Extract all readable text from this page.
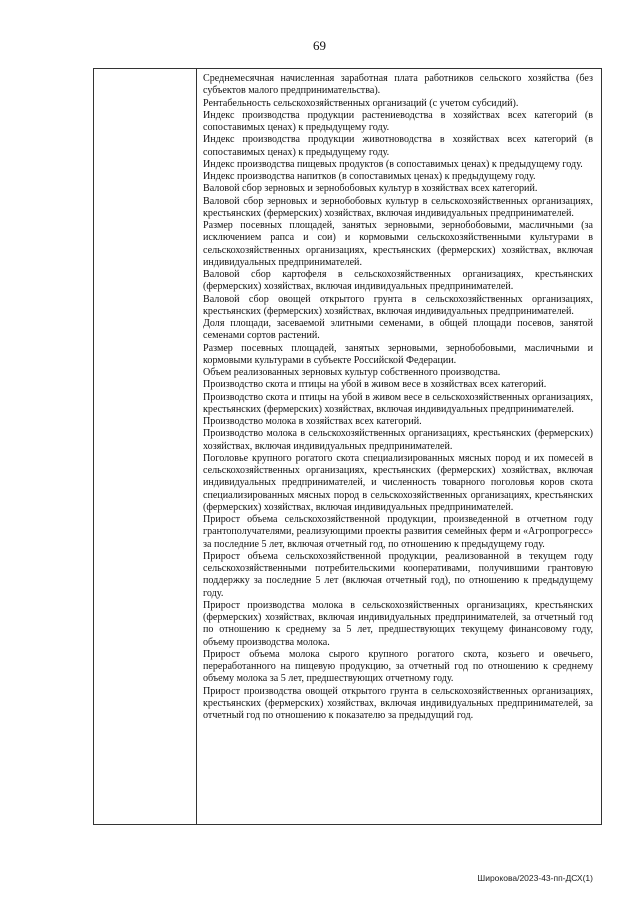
69
Среднемесячная начисленная заработная плата работников сельского хозяйства (без субъектов малого предпринимательства).
Рентабельность сельскохозяйственных организаций (с учетом субсидий).
Индекс производства продукции растениеводства в хозяйствах всех категорий (в сопоставимых ценах) к предыдущему году.
Индекс производства продукции животноводства в хозяйствах всех категорий (в сопоставимых ценах) к предыдущему году.
Индекс производства пищевых продуктов (в сопоставимых ценах) к предыдущему году.
Индекс производства напитков (в сопоставимых ценах) к предыдущему году.
Валовой сбор зерновых и зернобобовых культур в хозяйствах всех категорий.
Валовой сбор зерновых и зернобобовых культур в сельскохозяйственных организациях, крестьянских (фермерских) хозяйствах, включая индивидуальных предпринимателей.
Размер посевных площадей, занятых зерновыми, зернобобовыми, масличными (за исключением рапса и сои) и кормовыми сельскохозяйственными культурами в сельскохозяйственных организациях, крестьянских (фермерских) хозяйствах, включая индивидуальных предпринимателей.
Валовой сбор картофеля в сельскохозяйственных организациях, крестьянских (фермерских) хозяйствах, включая индивидуальных предпринимателей.
Валовой сбор овощей открытого грунта в сельскохозяйственных организациях, крестьянских (фермерских) хозяйствах, включая индивидуальных предпринимателей.
Доля площади, засеваемой элитными семенами, в общей площади посевов, занятой семенами сортов растений.
Размер посевных площадей, занятых зерновыми, зернобобовыми, масличными и кормовыми культурами в субъекте Российской Федерации.
Объем реализованных зерновых культур собственного производства.
Производство скота и птицы на убой в живом весе в хозяйствах всех категорий.
Производство скота и птицы на убой в живом весе в сельскохозяйственных организациях, крестьянских (фермерских) хозяйствах, включая индивидуальных предпринимателей.
Производство молока в хозяйствах всех категорий.
Производство молока в сельскохозяйственных организациях, крестьянских (фермерских) хозяйствах, включая индивидуальных предпринимателей.
Поголовье крупного рогатого скота специализированных мясных пород и их помесей в сельскохозяйственных организациях, крестьянских (фермерских) хозяйствах, включая индивидуальных предпринимателей, и численность товарного поголовья коров скота специализированных мясных пород в сельскохозяйственных организациях, крестьянских (фермерских) хозяйствах, включая индивидуальных предпринимателей.
Прирост объема сельскохозяйственной продукции, произведенной в отчетном году грантополучателями, реализующими проекты развития семейных ферм и «Агропрогресс» за последние 5 лет, включая отчетный год, по отношению к предыдущему году.
Прирост объема сельскохозяйственной продукции, реализованной в текущем году сельскохозяйственными потребительскими кооперативами, получившими грантовую поддержку за последние 5 лет (включая отчетный год), по отношению к предыдущему году.
Прирост производства молока в сельскохозяйственных организациях, крестьянских (фермерских) хозяйствах, включая индивидуальных предпринимателей, за отчетный год по отношению к среднему за 5 лет, предшествующих текущему финансовому году, объему производства молока.
Прирост объема молока сырого крупного рогатого скота, козьего и овечьего, переработанного на пищевую продукцию, за отчетный год по отношению к среднему объему молока за 5 лет, предшествующих отчетному году.
Прирост производства овощей открытого грунта в сельскохозяйственных организациях, крестьянских (фермерских) хозяйствах, включая индивидуальных предпринимателей, за отчетный год по отношению к показателю за предыдущий год.
Широкова/2023-43-пп-ДСХ(1)
